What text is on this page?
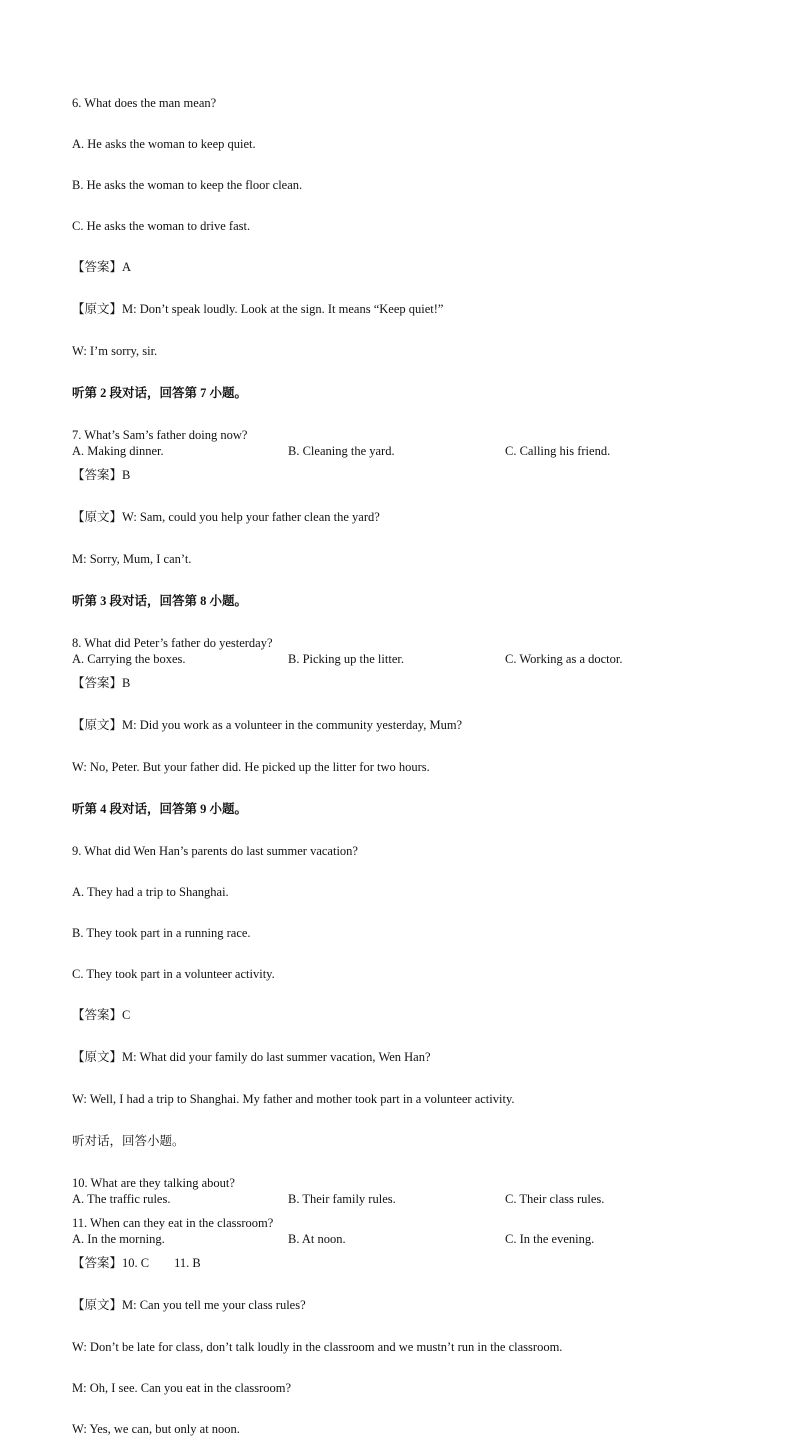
6. What does the man mean?

A. He asks the woman to keep quiet.

B. He asks the woman to keep the floor clean.

C. He asks the woman to drive fast.

【答案】A

【原文】M: Don’t speak loudly. Look at the sign. It means “Keep quiet!”

W: I’m sorry, sir.

听第 2 段对话，回答第 7 小题。

7. What’s Sam’s father doing now?

A. Making dinner.	B. Cleaning the yard.	C. Calling his friend.

【答案】B

【原文】W: Sam, could you help your father clean the yard?

M: Sorry, Mum, I can’t.

听第 3 段对话，回答第 8 小题。

8. What did Peter’s father do yesterday?

A. Carrying the boxes.	B. Picking up the litter.	C. Working as a doctor.

【答案】B

【原文】M: Did you work as a volunteer in the community yesterday, Mum?

W: No, Peter. But your father did. He picked up the litter for two hours.

听第 4 段对话，回答第 9 小题。

9. What did Wen Han’s parents do last summer vacation?

A. They had a trip to Shanghai.

B. They took part in a running race.

C. They took part in a volunteer activity.

【答案】C

【原文】M: What did your family do last summer vacation, Wen Han?

W: Well, I had a trip to Shanghai. My father and mother took part in a volunteer activity.

听对话，回答小题。

10. What are they talking about?

A. The traffic rules.	B. Their family rules.	C. Their class rules.

11. When can they eat in the classroom?

A. In the morning.	B. At noon.	C. In the evening.

【答案】10. C        11. B

【原文】M: Can you tell me your class rules?

W: Don’t be late for class, don’t talk loudly in the classroom and we mustn’t run in the classroom.

M: Oh, I see. Can you eat in the classroom?

W: Yes, we can, but only at noon.
